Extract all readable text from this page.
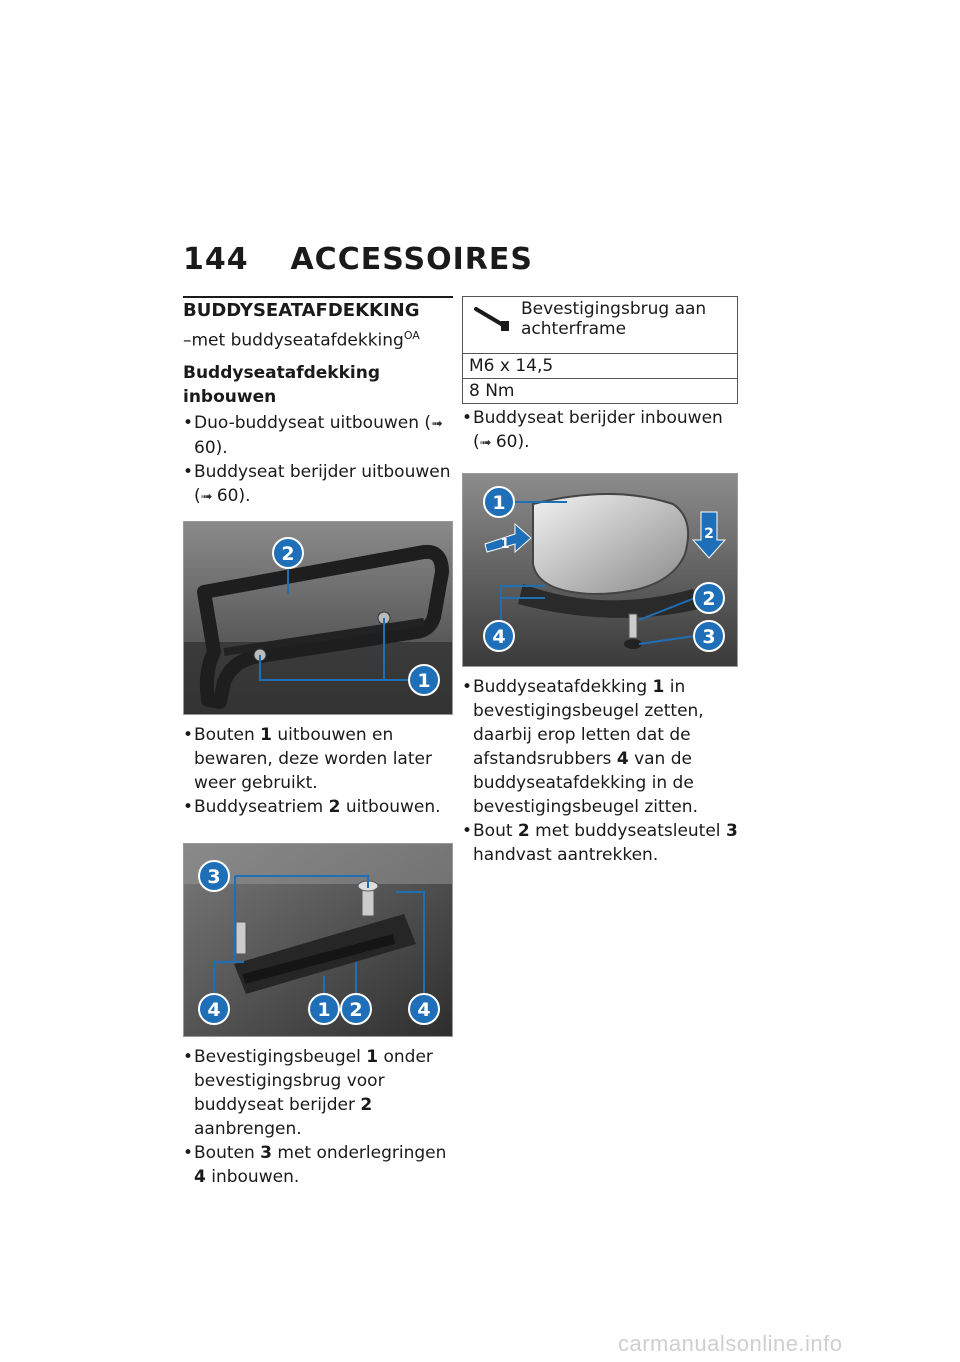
144 ACCESSOIRES
BUDDYSEATAFDEKKING
–met buddyseatafdekking$^{OA}$
Buddyseatafdekking inbouwen
• Duo-buddyseat uitbouwen (➟ 60).
• Buddyseat berijder uitbouwen (➟ 60).
2
1
• Bouten 1 uitbouwen en bewaren, deze worden later weer gebruikt.
• Buddyseatriem 2 uitbouwen.
3
4	1 2	4
• Bevestigingsbeugel 1 onder bevestigingsbrug voor buddyseat berijder 2 aanbrengen.
• Bouten 3 met onderlegringen 4 inbouwen.
Bevestigingsbrug aan achterframe
M6 x 14,5
8 Nm
• Buddyseat berijder inbouwen (➟ 60).
2
1
1
2
4	3
• Buddyseatafdekking 1 in bevestigingsbeugel zetten, daarbij erop letten dat de afstandsrubbers 4 van de buddyseatafdekking in de bevestigingsbeugel zitten.
• Bout 2 met buddyseatsleutel 3 handvast aantrekken.
carmanualsonline.info
